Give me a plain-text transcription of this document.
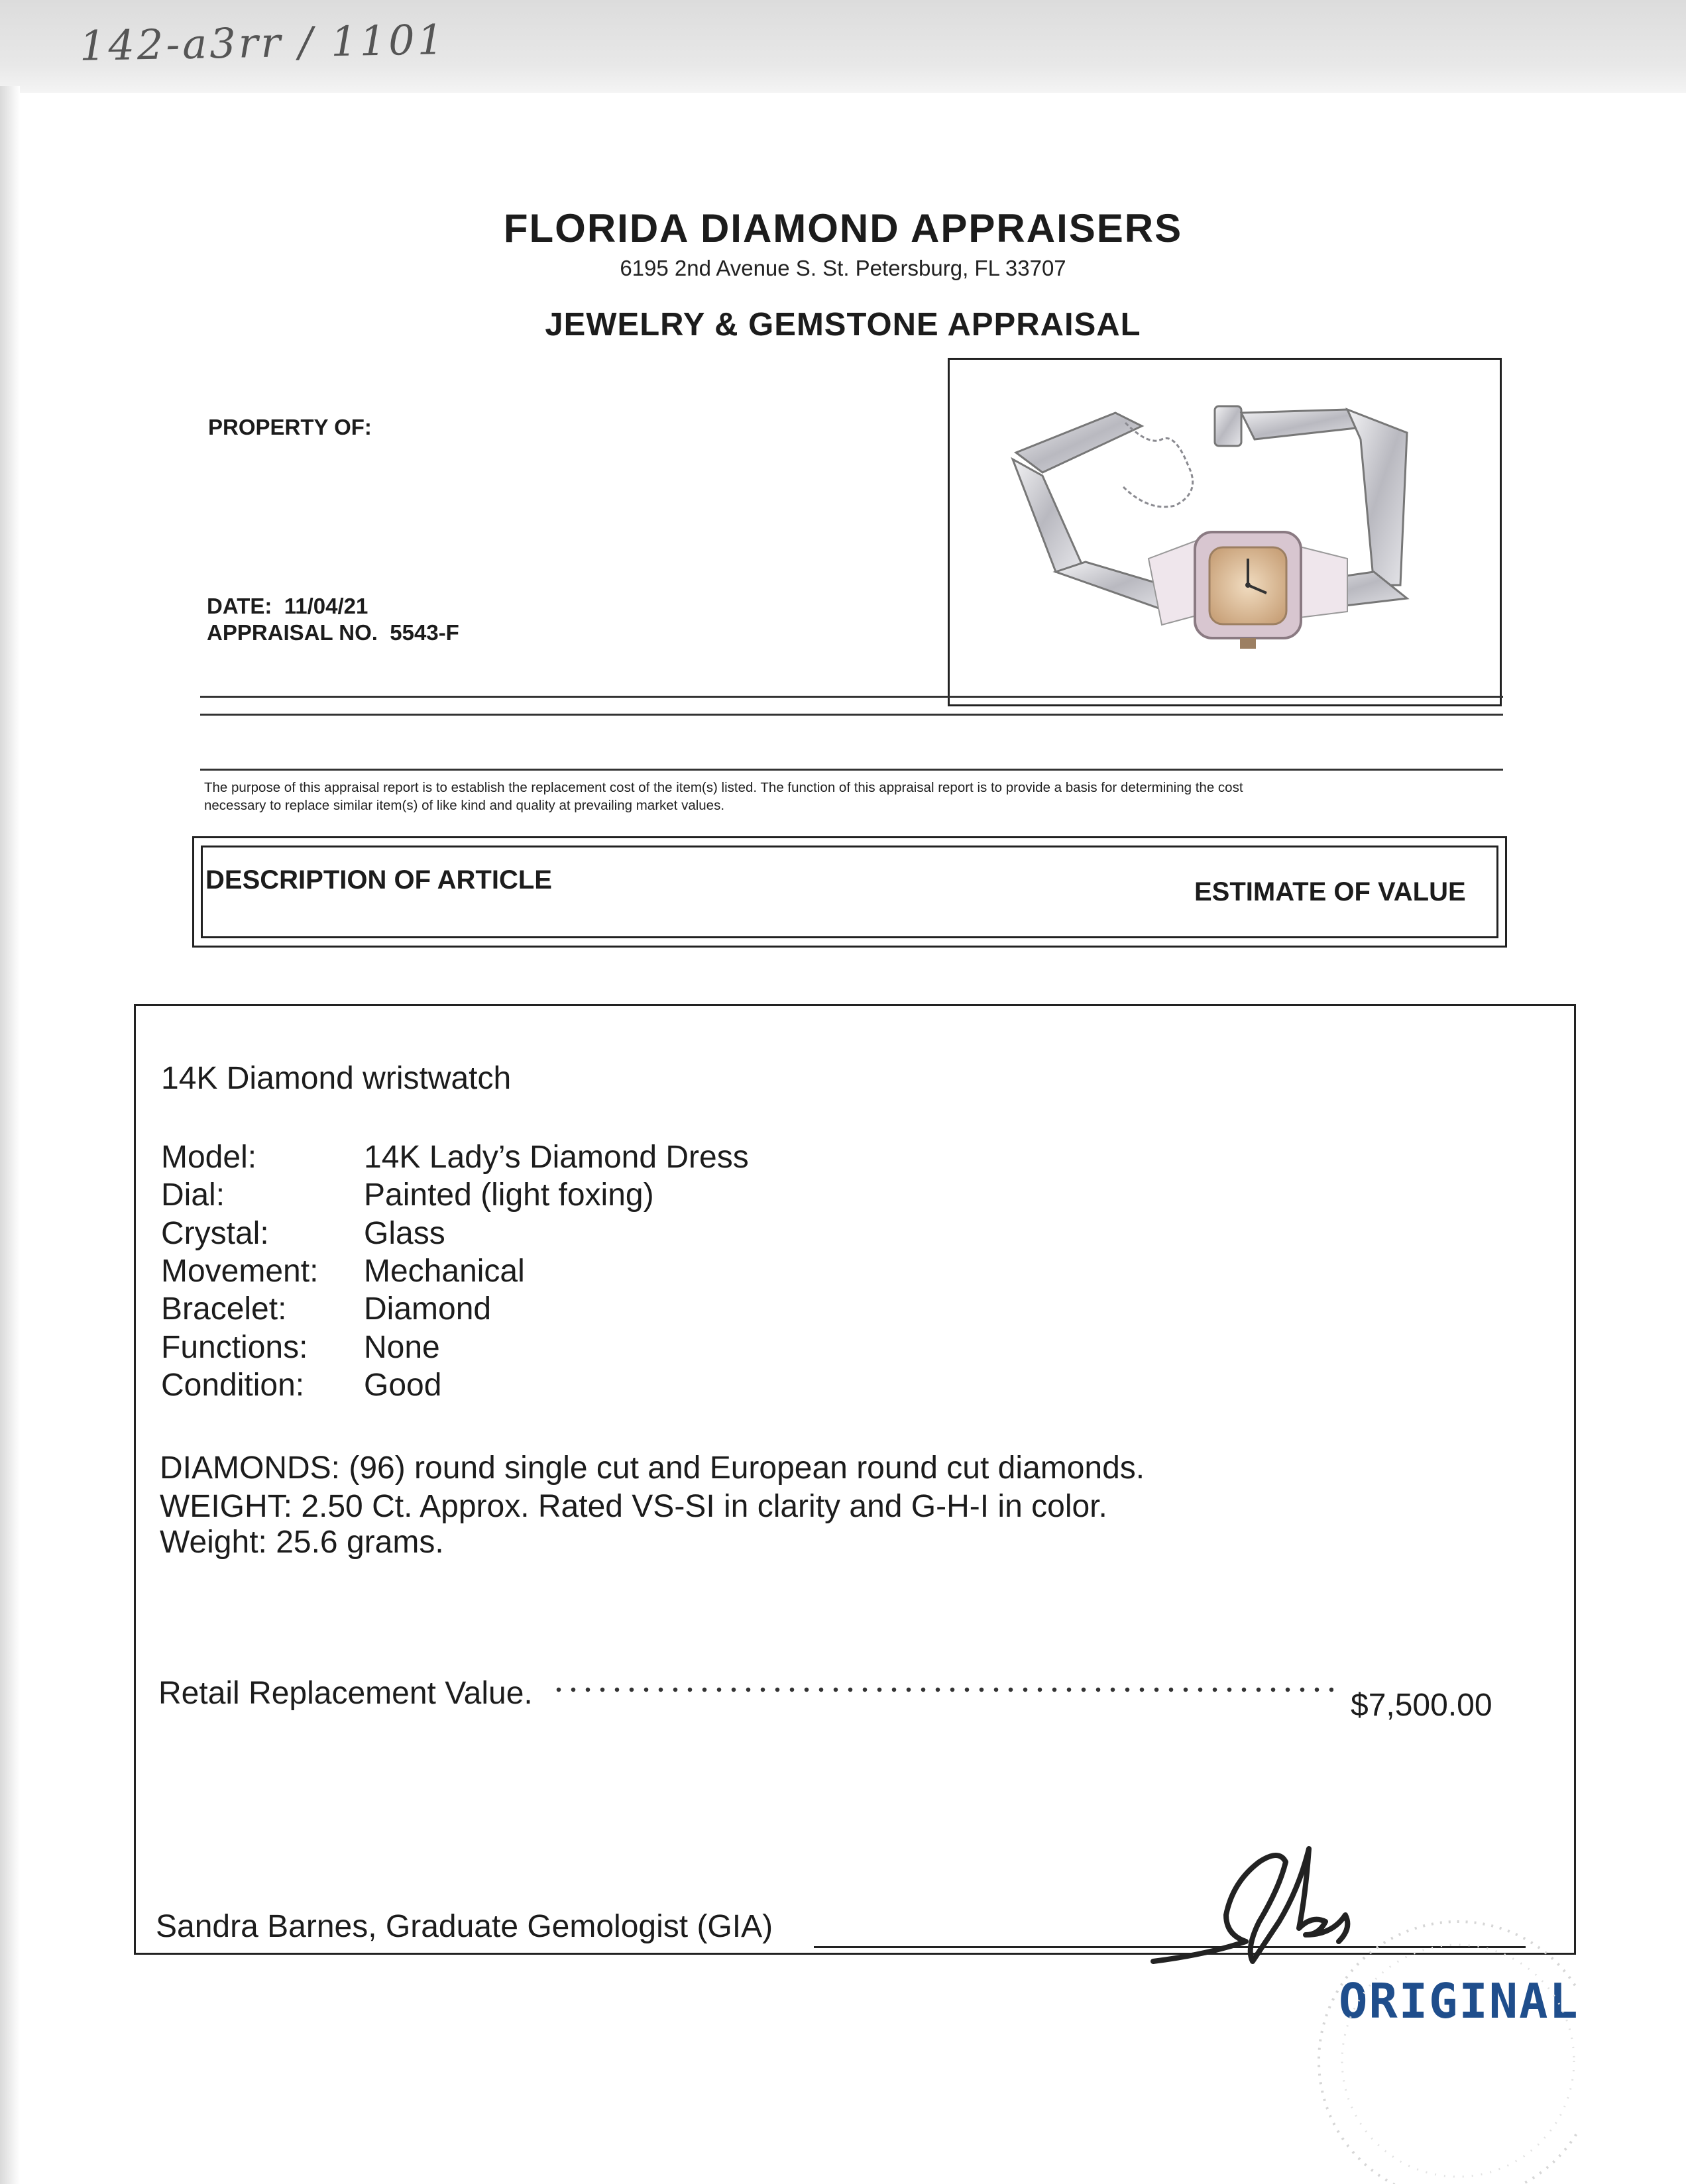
142-a3rr / 1101
FLORIDA DIAMOND APPRAISERS
6195 2nd Avenue S. St. Petersburg, FL 33707
JEWELRY & GEMSTONE APPRAISAL
PROPERTY OF:
DATE: 11/04/21
APPRAISAL NO. 5543-F
The purpose of this appraisal report is to establish the replacement cost of the item(s) listed. The function of this appraisal report is to provide a basis for determining the cost
necessary to replace similar item(s) of like kind and quality at prevailing market values.
DESCRIPTION OF ARTICLE	ESTIMATE OF VALUE
14K Diamond wristwatch
Model:	14K Lady’s Diamond Dress
Dial:	Painted (light foxing)
Crystal:	Glass
Movement: Mechanical
Bracelet: Diamond
Functions: None
Condition: Good
DIAMONDS: (96) round single cut and European round cut diamonds.
WEIGHT: 2.50 Ct. Approx. Rated VS-SI in clarity and G-H-I in color.
Weight: 25.6 grams.
Retail Replacement Value.	$7,500.00
Sandra Barnes, Graduate Gemologist (GIA)
ORIGINAL
